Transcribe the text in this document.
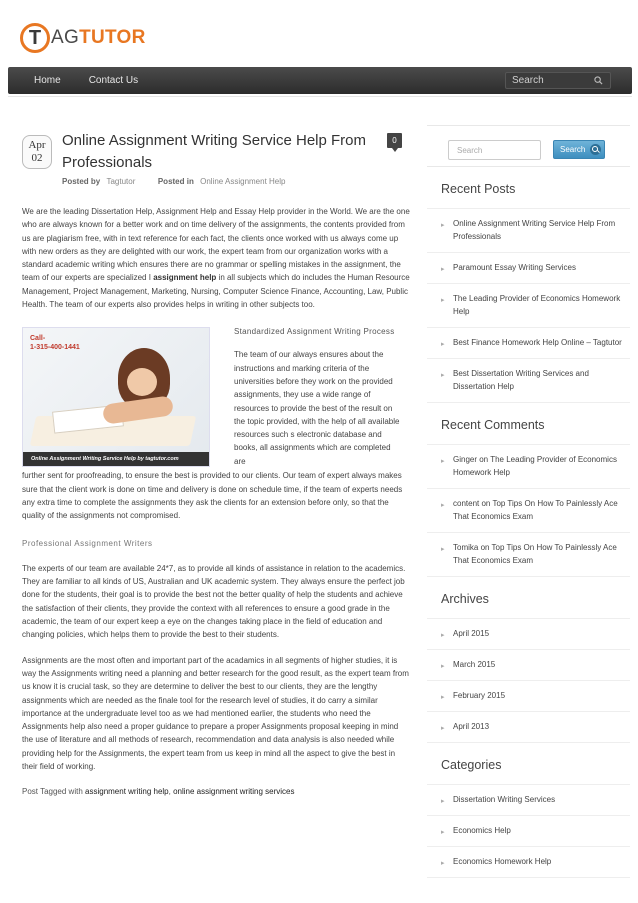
T AGTUTOR
Home	Contact Us
Search
Apr
02
Online Assignment Writing Service Help From Professionals
0
Posted by Tagtutor	Posted in Online Assignment Help

We are the leading Dissertation Help, Assignment Help and Essay Help provider in the World. We are the one who are always known for a better work and on time delivery of the assignments, the contents provided from us are plagiarism free, with in text reference for each fact, the clients once worked with us always come up with new orders as they are delighted with our work, the expert team from our organization works with a standard academic writing which ensures there are no grammar or spelling mistakes in the assignment, the team of our experts are specialized I assignment help in all subjects which do includes the Human Resource Management, Project Management, Marketing, Nursing, Computer Science Finance, Accounting, Law, Public Health. The team of our experts also provides helps in writing in other subjects too.

Call-
1-315-400-1441
Online Assignment Writing Service Help by tagtutor.com
Standardized Assignment Writing Process

The team of our always ensures about the instructions and marking criteria of the universities before they work on the provided assignments, they use a wide range of resources to provide the best of the result on the topic provided, with the help of all available resources such s electronic database and books, all assignments which are completed are

further sent for proofreading, to ensure the best is provided to our clients. Our team of expert always makes sure that the client work is done on time and delivery is done on schedule time, if the team of experts needs any extra time to complete the assignments they ask the clients for an extension before only, so that the quality of the assignments not compromised.

Professional Assignment Writers

The experts of our team are available 24*7, as to provide all kinds of assistance in relation to the academics. They are familiar to all kinds of US, Australian and UK academic system. They always ensure the perfect job done for the students, their goal is to provide the best not the better quality of help the students and achieve the satisfaction of their clients, they provide the context with all references to ensure a good grade in the academic, the team of our expert keep a eye on the changes taking place in the field of education and changing policies, which helps them to provide the best to their students.

Assignments are the most often and important part of the acadamics in all segments of higher studies, it is way the Assignments writing need a planning and better research for the good result, as the expert team from us know it is crucial task, so they are determine to deliver the best to our clients, they are the lengthy assignments which are needed as the finale tool for the research level of studies, it do carry a similar importance at the undergraduate level too as we had mentioned earlier, the students who need the Assignments help also need a proper guidance to prepare a proper Assignments proposal keeping in mind the use of literature and all methods of research, recommendation and data analysis is also needed while providing help for the Assignments, the expert team from us keep in mind all the aspect to give the best in their field of working.

Post Tagged with assignment writing help, online assignment writing services
Search
Search
Recent Posts
▸ Online Assignment Writing Service Help From Professionals
▸ Paramount Essay Writing Services
▸ The Leading Provider of Economics Homework Help
▸ Best Finance Homework Help Online – Tagtutor
▸ Best Dissertation Writing Services and Dissertation Help
Recent Comments
▸ Ginger on The Leading Provider of Economics Homework Help
▸ content on Top Tips On How To Painlessly Ace That Economics Exam
▸ Tomika on Top Tips On How To Painlessly Ace That Economics Exam
Archives
▸ April 2015
▸ March 2015
▸ February 2015
▸ April 2013
Categories
▸ Dissertation Writing Services
▸ Economics Help
▸ Economics Homework Help
